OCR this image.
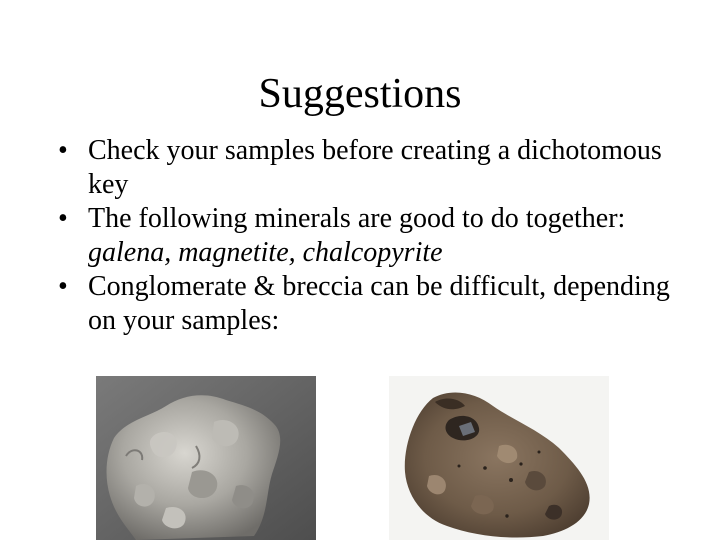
Suggestions
• Check your samples before creating a dichotomous key
• The following minerals are good to do together: galena, magnetite, chalcopyrite
• Conglomerate & breccia can be difficult, depending on your samples:
